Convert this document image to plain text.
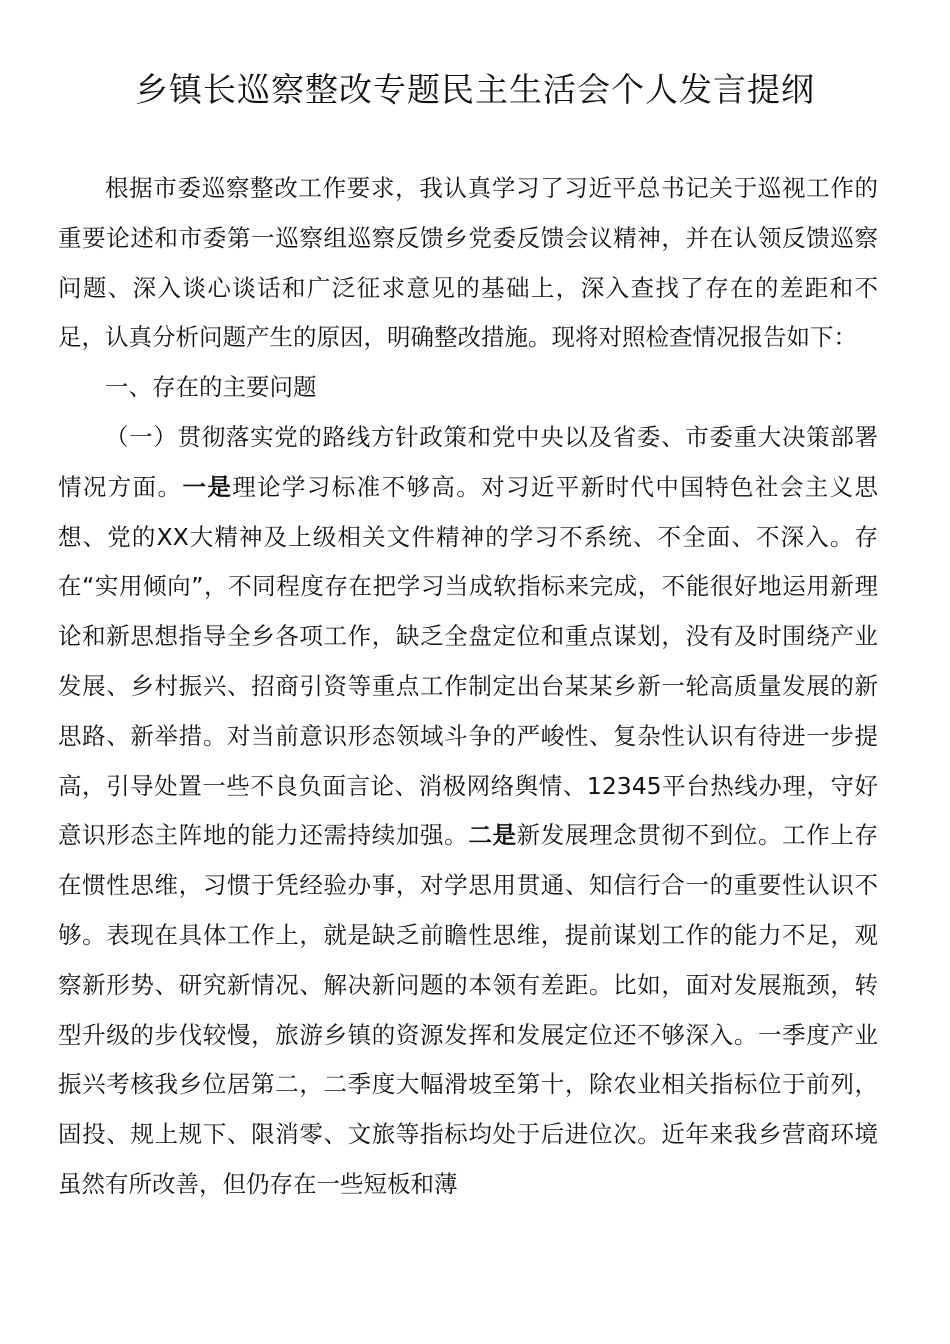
乡镇长巡察整改专题民主生活会个人发言提纲

根据市委巡察整改工作要求，我认真学习了习近平总书记关于巡视工作的重要论述和市委第一巡察组巡察反馈乡党委反馈会议精神，并在认领反馈巡察问题、深入谈心谈话和广泛征求意见的基础上，深入查找了存在的差距和不足，认真分析问题产生的原因，明确整改措施。现将对照检查情况报告如下：

一、存在的主要问题

（一）贯彻落实党的路线方针政策和党中央以及省委、市委重大决策部署情况方面。一是理论学习标准不够高。对习近平新时代中国特色社会主义思想、党的XX大精神及上级相关文件精神的学习不系统、不全面、不深入。存在“实用倾向”，不同程度存在把学习当成软指标来完成，不能很好地运用新理论和新思想指导全乡各项工作，缺乏全盘定位和重点谋划，没有及时围绕产业发展、乡村振兴、招商引资等重点工作制定出台某某乡新一轮高质量发展的新思路、新举措。对当前意识形态领域斗争的严峻性、复杂性认识有待进一步提高，引导处置一些不良负面言论、消极网络舆情、12345平台热线办理，守好意识形态主阵地的能力还需持续加强。二是新发展理念贯彻不到位。工作上存在惯性思维，习惯于凭经验办事，对学思用贯通、知信行合一的重要性认识不够。表现在具体工作上，就是缺乏前瞻性思维，提前谋划工作的能力不足，观察新形势、研究新情况、解决新问题的本领有差距。比如，面对发展瓶颈，转型升级的步伐较慢，旅游乡镇的资源发挥和发展定位还不够深入。一季度产业振兴考核我乡位居第二，二季度大幅滑坡至第十，除农业相关指标位于前列，固投、规上规下、限消零、文旅等指标均处于后进位次。近年来我乡营商环境虽然有所改善，但仍存在一些短板和薄
